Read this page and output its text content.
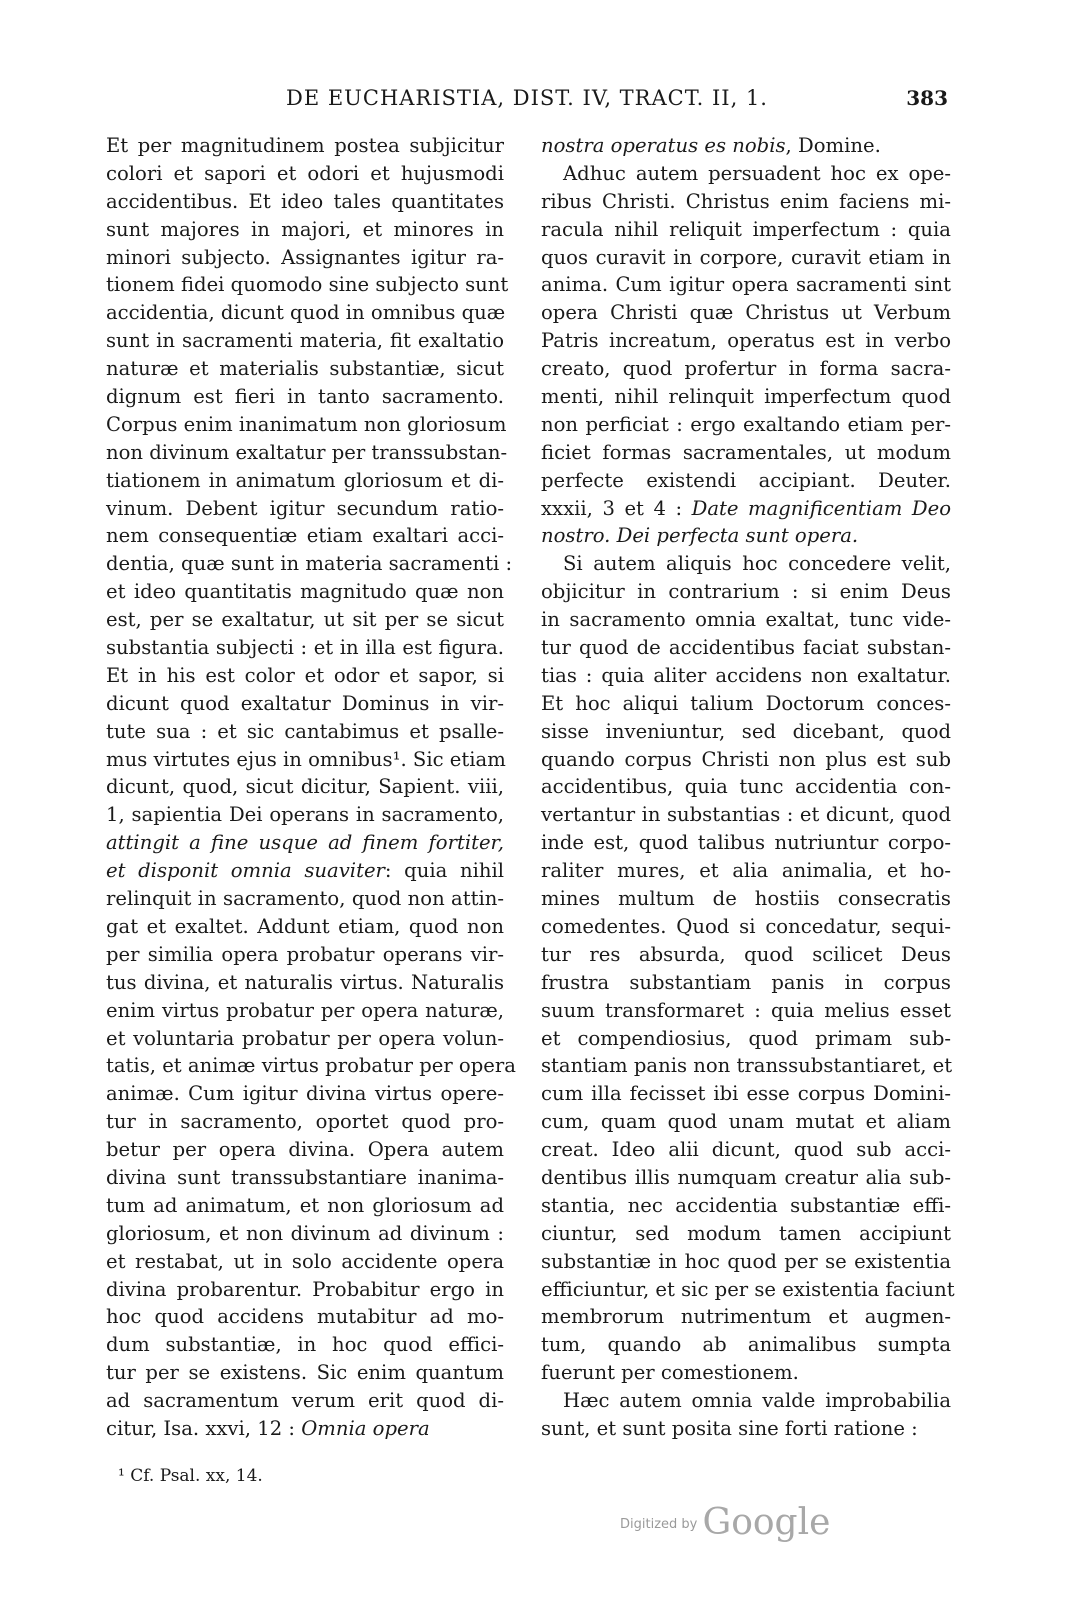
DE EUCHARISTIA, DIST. IV, TRACT. II, 1.	383
Et per magnitudinem postea subjicitur
colori et sapori et odori et hujusmodi
accidentibus. Et ideo tales quantitates
sunt majores in majori, et minores in
minori subjecto. Assignantes igitur ra-
tionem fidei quomodo sine subjecto sunt
accidentia, dicunt quod in omnibus quæ
sunt in sacramenti materia, fit exaltatio
naturæ et materialis substantiæ, sicut
dignum est fieri in tanto sacramento.
Corpus enim inanimatum non gloriosum
non divinum exaltatur per transsubstan-
tiationem in animatum gloriosum et di-
vinum. Debent igitur secundum ratio-
nem consequentiæ etiam exaltari acci-
dentia, quæ sunt in materia sacramenti :
et ideo quantitatis magnitudo quæ non
est, per se exaltatur, ut sit per se sicut
substantia subjecti : et in illa est figura.
Et in his est color et odor et sapor, si
dicunt quod exaltatur Dominus in vir-
tute sua : et sic cantabimus et psalle-
mus virtutes ejus in omnibus¹. Sic etiam
dicunt, quod, sicut dicitur, Sapient. viii,
1, sapientia Dei operans in sacramento,
attingit a fine usque ad finem fortiter,
et disponit omnia suaviter: quia nihil
relinquit in sacramento, quod non attin-
gat et exaltet. Addunt etiam, quod non
per similia opera probatur operans vir-
tus divina, et naturalis virtus. Naturalis
enim virtus probatur per opera naturæ,
et voluntaria probatur per opera volun-
tatis, et animæ virtus probatur per opera
animæ. Cum igitur divina virtus opere-
tur in sacramento, oportet quod pro-
betur per opera divina. Opera autem
divina sunt transsubstantiare inanima-
tum ad animatum, et non gloriosum ad
gloriosum, et non divinum ad divinum :
et restabat, ut in solo accidente opera
divina probarentur. Probabitur ergo in
hoc quod accidens mutabitur ad mo-
dum substantiæ, in hoc quod effici-
tur per se existens. Sic enim quantum
ad sacramentum verum erit quod di-
citur, Isa. xxvi, 12 : Omnia opera
nostra operatus es nobis, Domine.
Adhuc autem persuadent hoc ex ope-
ribus Christi. Christus enim faciens mi-
racula nihil reliquit imperfectum : quia
quos curavit in corpore, curavit etiam in
anima. Cum igitur opera sacramenti sint
opera Christi quæ Christus ut Verbum
Patris increatum, operatus est in verbo
creato, quod profertur in forma sacra-
menti, nihil relinquit imperfectum quod
non perficiat : ergo exaltando etiam per-
ficiet formas sacramentales, ut modum
perfecte existendi accipiant. Deuter.
xxxii, 3 et 4 : Date magnificentiam Deo
nostro. Dei perfecta sunt opera.
Si autem aliquis hoc concedere velit,
objicitur in contrarium : si enim Deus
in sacramento omnia exaltat, tunc vide-
tur quod de accidentibus faciat substan-
tias : quia aliter accidens non exaltatur.
Et hoc aliqui talium Doctorum conces-
sisse inveniuntur, sed dicebant, quod
quando corpus Christi non plus est sub
accidentibus, quia tunc accidentia con-
vertantur in substantias : et dicunt, quod
inde est, quod talibus nutriuntur corpo-
raliter mures, et alia animalia, et ho-
mines multum de hostiis consecratis
comedentes. Quod si concedatur, sequi-
tur res absurda, quod scilicet Deus
frustra substantiam panis in corpus
suum transformaret : quia melius esset
et compendiosius, quod primam sub-
stantiam panis non transsubstantiaret, et
cum illa fecisset ibi esse corpus Domini-
cum, quam quod unam mutat et aliam
creat. Ideo alii dicunt, quod sub acci-
dentibus illis numquam creatur alia sub-
stantia, nec accidentia substantiæ effi-
ciuntur, sed modum tamen accipiunt
substantiæ in hoc quod per se existentia
efficiuntur, et sic per se existentia faciunt
membrorum nutrimentum et augmen-
tum, quando ab animalibus sumpta
fuerunt per comestionem.
Hæc autem omnia valde improbabilia
sunt, et sunt posita sine forti ratione :
¹ Cf. Psal. xx, 14.
$^{Digitized by}$ Google
